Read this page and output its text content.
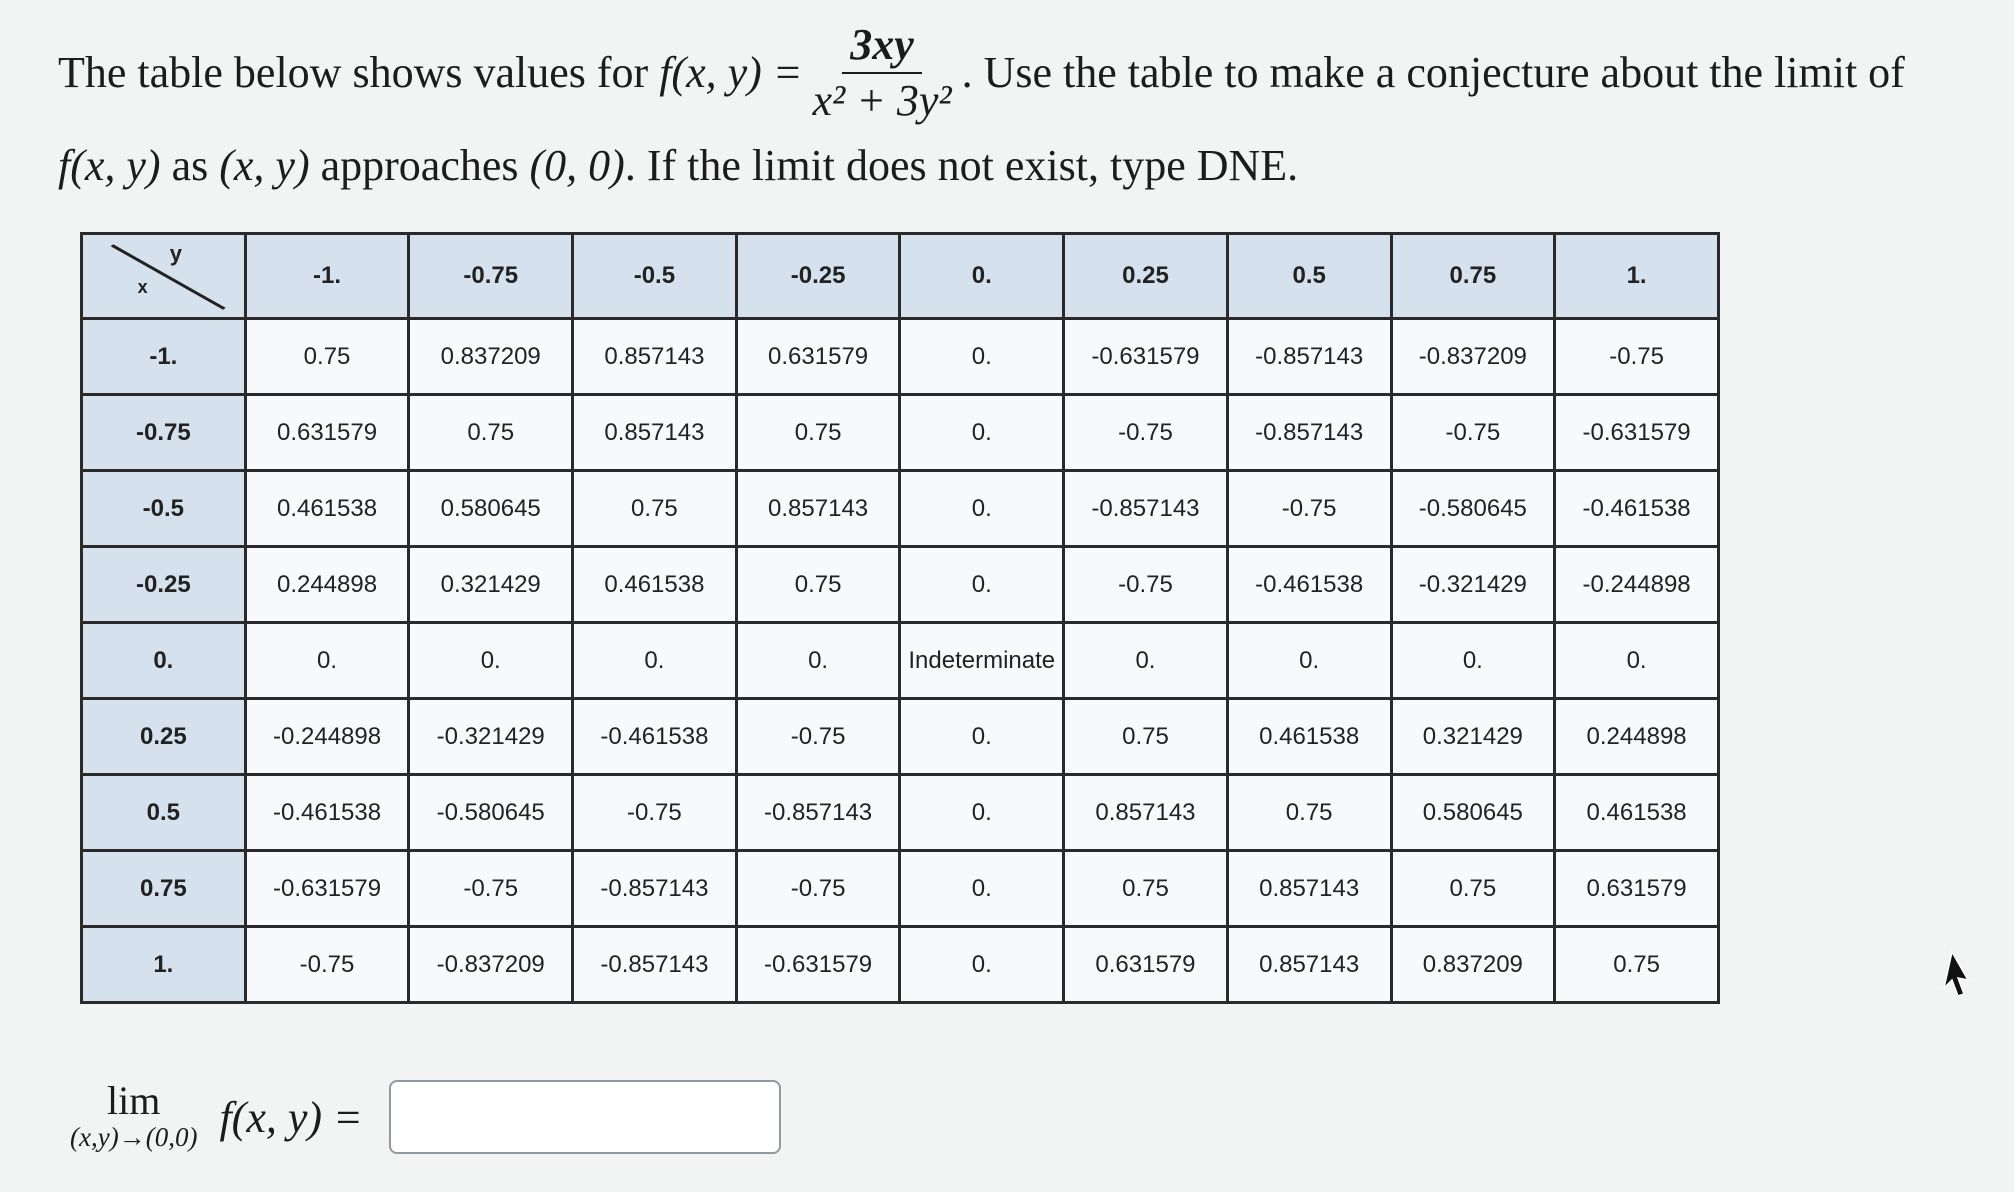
The table below shows values for
f(x, $y) = \frac{3xy}{\text{x² + 3y²}}$ . Use the table to make a conjecture about the limit of
f(x, y)
as
(x, y)
approaches
(0, 0) . If the limit does not exist, type DNE.
y
x	-1.	-0.75	-0.5	-0.25	0.	0.25	0.5	0.75	1.
-1.	0.75	0.837209	0.857143	0.631579	0.	-0.631579	-0.857143	-0.837209	-0.75
-0.75	0.631579	0.75	0.857143	0.75	0.	-0.75	-0.857143	-0.75	-0.631579
-0.5	0.461538	0.580645	0.75	0.857143	0.	-0.857143	-0.75	-0.580645	-0.461538
-0.25	0.244898	0.321429	0.461538	0.75	0.	-0.75	-0.461538	-0.321429	-0.244898
0.	0.	0.	0.	0.	Indeterminate	0.	0.	0.	0.
0.25	-0.244898	-0.321429	-0.461538	-0.75	0.	0.75	0.461538	0.321429	0.244898
0.5	-0.461538	-0.580645	-0.75	-0.857143	0.	0.857143	0.75	0.580645	0.461538
0.75	-0.631579	-0.75	-0.857143	-0.75	0.	0.75	0.857143	0.75	0.631579
1.	-0.75	-0.837209	-0.857143	-0.631579	0.	0.631579	0.857143	0.837209	0.75
lim
(x,y)→(0,0) f(x, y) =
